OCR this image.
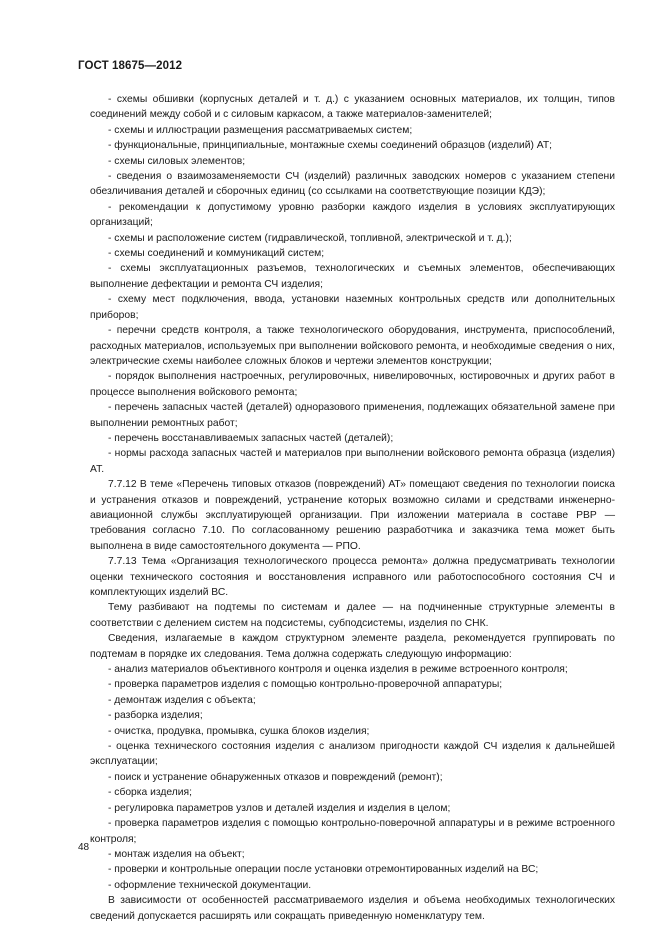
ГОСТ 18675—2012

- схемы обшивки (корпусных деталей и т. д.) с указанием основных материалов, их толщин, типов соединений между собой и с силовым каркасом, а также материалов-заменителей;

- схемы и иллюстрации размещения рассматриваемых систем;

- функциональные, принципиальные, монтажные схемы соединений образцов (изделий) АТ;

- схемы силовых элементов;

- сведения о взаимозаменяемости СЧ (изделий) различных заводских номеров с указанием степени обезличивания деталей и сборочных единиц (со ссылками на соответствующие позиции КДЭ);

- рекомендации к допустимому уровню разборки каждого изделия в условиях эксплуатирующих организаций;

- схемы и расположение систем (гидравлической, топливной, электрической и т. д.);

- схемы соединений и коммуникаций систем;

- схемы эксплуатационных разъемов, технологических и съемных элементов, обеспечивающих выполнение дефектации и ремонта СЧ изделия;

- схему мест подключения, ввода, установки наземных контрольных средств или дополнительных приборов;

- перечни средств контроля, а также технологического оборудования, инструмента, приспособлений, расходных материалов, используемых при выполнении войскового ремонта, и необходимые сведения о них, электрические схемы наиболее сложных блоков и чертежи элементов конструкции;

- порядок выполнения настроечных, регулировочных, нивелировочных, юстировочных и других работ в процессе выполнения войскового ремонта;

- перечень запасных частей (деталей) одноразового применения, подлежащих обязательной замене при выполнении ремонтных работ;

- перечень восстанавливаемых запасных частей (деталей);

- нормы расхода запасных частей и материалов при выполнении войскового ремонта образца (изделия) АТ.

7.7.12 В теме «Перечень типовых отказов (повреждений) АТ» помещают сведения по технологии поиска и устранения отказов и повреждений, устранение которых возможно силами и средствами инженерно-авиационной службы эксплуатирующей организации. При изложении материала в составе РВР — требования согласно 7.10. По согласованному решению разработчика и заказчика тема может быть выполнена в виде самостоятельного документа — РПО.

7.7.13 Тема «Организация технологического процесса ремонта» должна предусматривать технологии оценки технического состояния и восстановления исправного или работоспособного состояния СЧ и комплектующих изделий ВС.

Тему разбивают на подтемы по системам и далее — на подчиненные структурные элементы в соответствии с делением систем на подсистемы, субподсистемы, изделия по СНК.

Сведения, излагаемые в каждом структурном элементе раздела, рекомендуется группировать по подтемам в порядке их следования. Тема должна содержать следующую информацию:

- анализ материалов объективного контроля и оценка изделия в режиме встроенного контроля;

- проверка параметров изделия с помощью контрольно-проверочной аппаратуры;

- демонтаж изделия с объекта;

- разборка изделия;

- очистка, продувка, промывка, сушка блоков изделия;

- оценка технического состояния изделия с анализом пригодности каждой СЧ изделия к дальнейшей эксплуатации;

- поиск и устранение обнаруженных отказов и повреждений (ремонт);

- сборка изделия;

- регулировка параметров узлов и деталей изделия и изделия в целом;

- проверка параметров изделия с помощью контрольно-поверочной аппаратуры и в режиме встроенного контроля;

- монтаж изделия на объект;

- проверки и контрольные операции после установки отремонтированных изделий на ВС;

- оформление технической документации.

В зависимости от особенностей рассматриваемого изделия и объема необходимых технологических сведений допускается расширять или сокращать приведенную номенклатуру тем.

48
